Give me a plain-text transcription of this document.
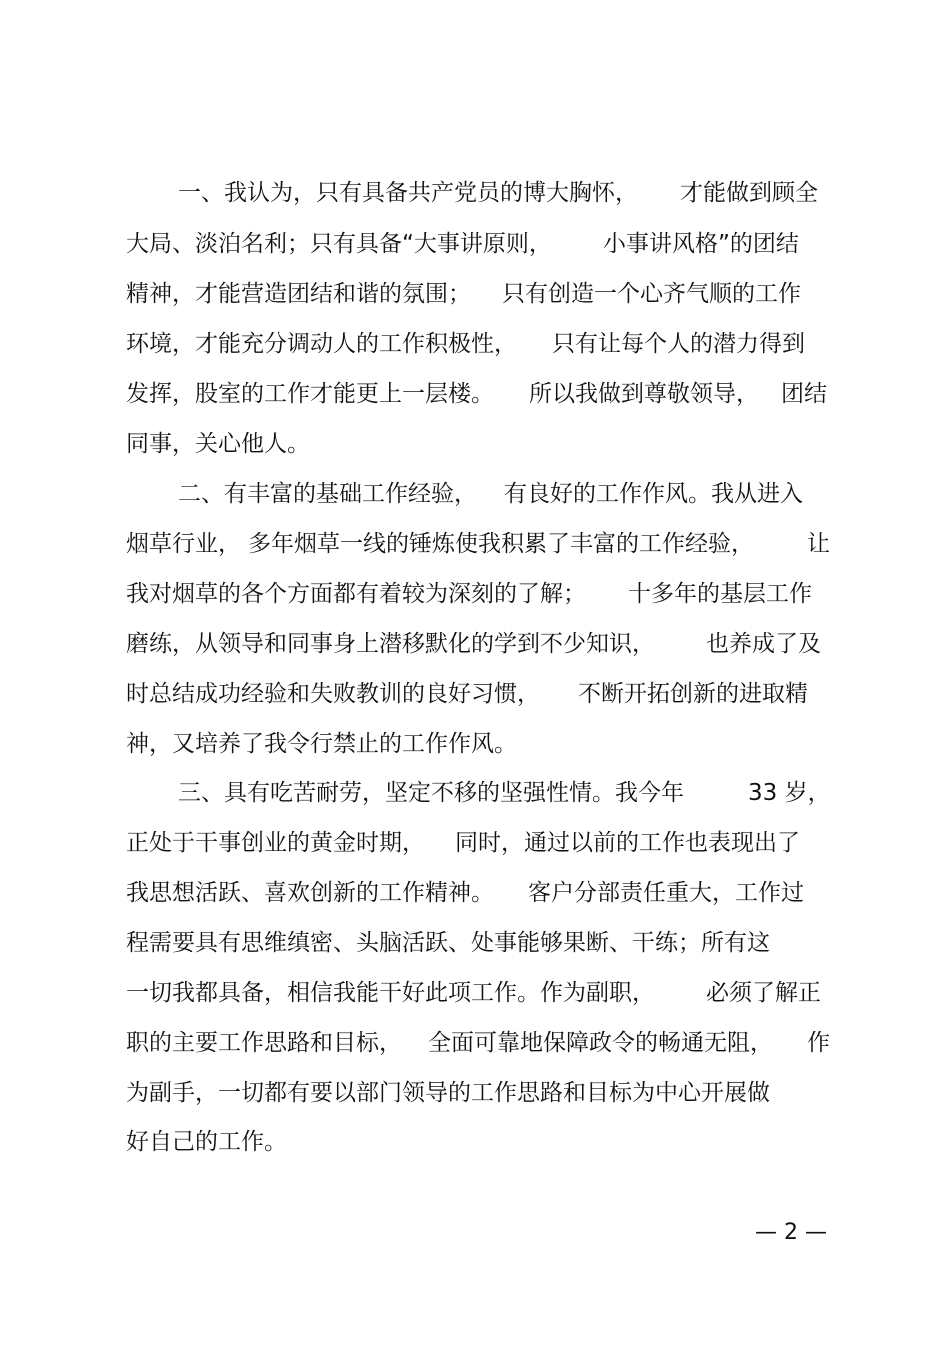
一、我认为，只有具备共产党员的博大胸怀，

才能做到顾全

大局、淡泊名利；只有具备“大事讲原则，

小事讲风格”的团结

精神，才能营造团结和谐的氛围；

只有创造一个心齐气顺的工作

环境，才能充分调动人的工作积极性，

只有让每个人的潜力得到

发挥，股室的工作才能更上一层楼。

所以我做到尊敬领导，

团结

同事，关心他人。

二、有丰富的基础工作经验，

有良好的工作作风。我从进入

烟草行业，

多年烟草一线的锤炼使我积累了丰富的工作经验，

让

我对烟草的各个方面都有着较为深刻的了解；

十多年的基层工作

磨练，从领导和同事身上潜移默化的学到不少知识，

也养成了及

时总结成功经验和失败教训的良好习惯，

不断开拓创新的进取精

神，又培养了我令行禁止的工作作风。

三、具有吃苦耐劳，坚定不移的坚强性情。我今年

	33 岁，

正处于干事创业的黄金时期，

同时，通过以前的工作也表现出了

我思想活跃、喜欢创新的工作精神。

客户分部责任重大，工作过

程需要具有思维缜密、头脑活跃、处事能够果断、干练；所有这

一切我都具备，相信我能干好此项工作。作为副职，

必须了解正

职的主要工作思路和目标，

全面可靠地保障政令的畅通无阻，

作

为副手，一切都有要以部门领导的工作思路和目标为中心开展做

好自己的工作。

— 2 —
